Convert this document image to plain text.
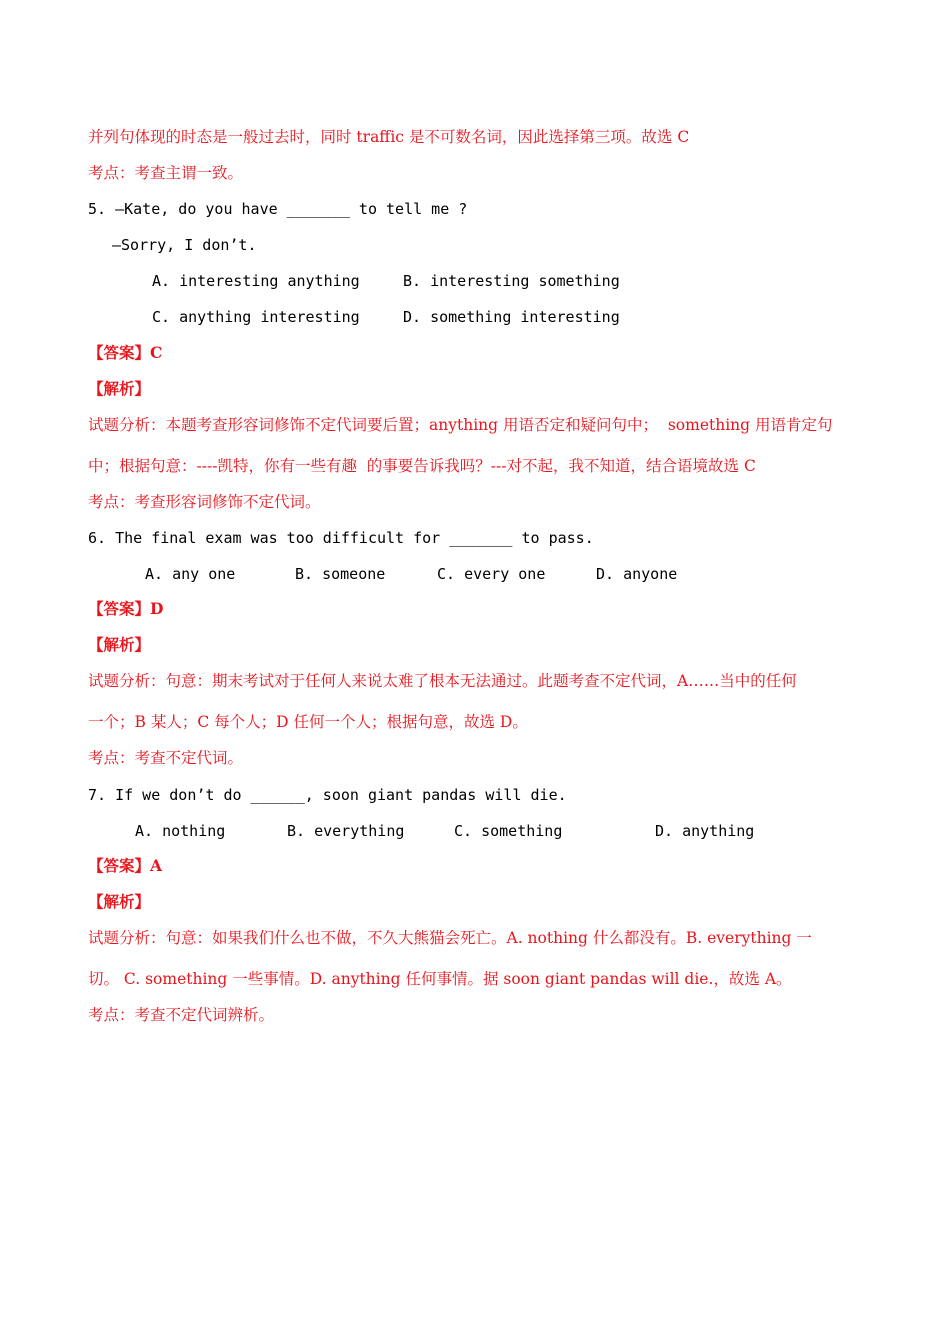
并列句体现的时态是一般过去时，同时 traffic 是不可数名词，因此选择第三项。故选 C
考点：考查主谓一致。
5. —Kate, do you have _______ to tell me ?
—Sorry, I don’t.
A. interesting anything	B. interesting something
C. anything interesting	D. something interesting
【答案】C
【解析】
试题分析：本题考查形容词修饰不定代词要后置；anything 用语否定和疑问句中；  something 用语肯定句
中；根据句意：----凯特，你有一些有趣  的事要告诉我吗？---对不起，我不知道，结合语境故选 C
考点：考查形容词修饰不定代词。
6. The final exam was too difficult for _______ to pass.
A. any one	B. someone	C. every one	D. anyone
【答案】D
【解析】
试题分析：句意：期末考试对于任何人来说太难了根本无法通过。此题考查不定代词，A……当中的任何
一个；B 某人；C 每个人；D 任何一个人；根据句意，故选 D。
考点：考查不定代词。
7. If we don’t do ______, soon giant pandas will die.
A. nothing	B. everything	C. something	D. anything
【答案】A
【解析】
试题分析：句意：如果我们什么也不做，不久大熊猫会死亡。A. nothing 什么都没有。B. everything 一
切。 C. something 一些事情。D. anything 任何事情。据 soon giant pandas will die.，故选 A。
考点：考查不定代词辨析。
